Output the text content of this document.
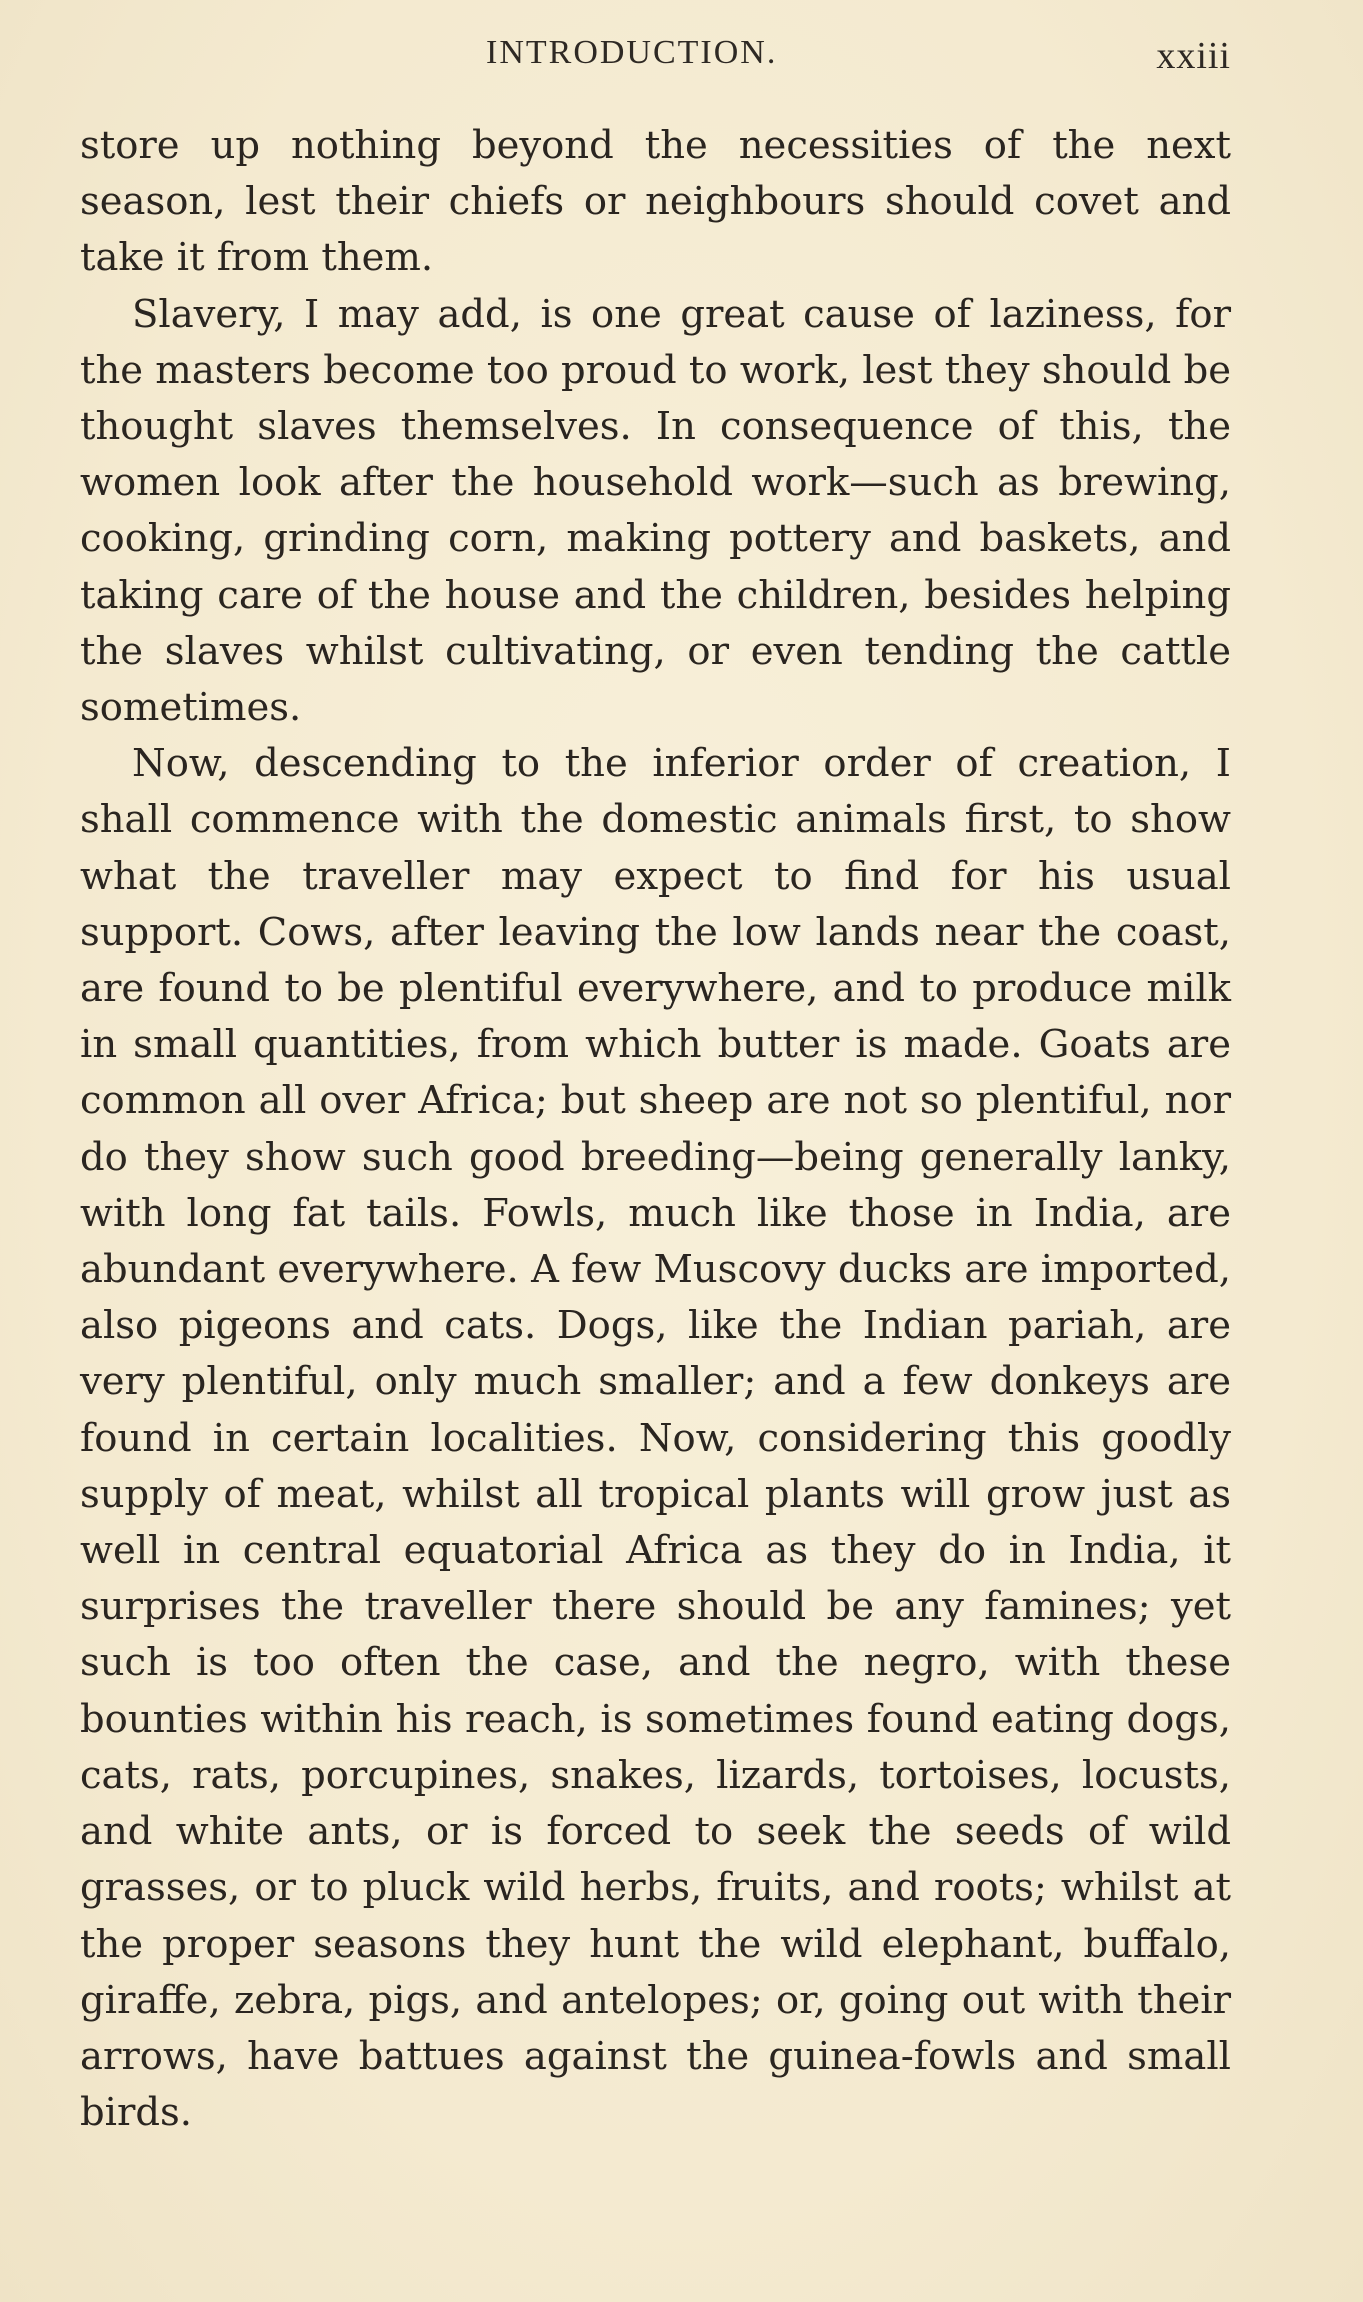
INTRODUCTION.	xxiii

store up nothing beyond the necessities of the next season, lest their chiefs or neighbours should covet and take it from them.

Slavery, I may add, is one great cause of laziness, for the masters become too proud to work, lest they should be thought slaves themselves. In consequence of this, the women look after the household work—such as brewing, cooking, grinding corn, making pottery and baskets, and taking care of the house and the children, besides helping the slaves whilst cultivating, or even tending the cattle sometimes.

Now, descending to the inferior order of creation, I shall commence with the domestic animals first, to show what the traveller may expect to find for his usual support. Cows, after leaving the low lands near the coast, are found to be plentiful everywhere, and to produce milk in small quantities, from which butter is made. Goats are common all over Africa; but sheep are not so plentiful, nor do they show such good breeding—being generally lanky, with long fat tails. Fowls, much like those in India, are abundant everywhere. A few Muscovy ducks are imported, also pigeons and cats. Dogs, like the Indian pariah, are very plentiful, only much smaller; and a few donkeys are found in certain localities. Now, considering this goodly supply of meat, whilst all tropical plants will grow just as well in central equatorial Africa as they do in India, it surprises the traveller there should be any famines; yet such is too often the case, and the negro, with these bounties within his reach, is sometimes found eating dogs, cats, rats, porcupines, snakes, lizards, tortoises, locusts, and white ants, or is forced to seek the seeds of wild grasses, or to pluck wild herbs, fruits, and roots; whilst at the proper seasons they hunt the wild elephant, buffalo, giraffe, zebra, pigs, and antelopes; or, going out with their arrows, have battues against the guinea-fowls and small birds.
